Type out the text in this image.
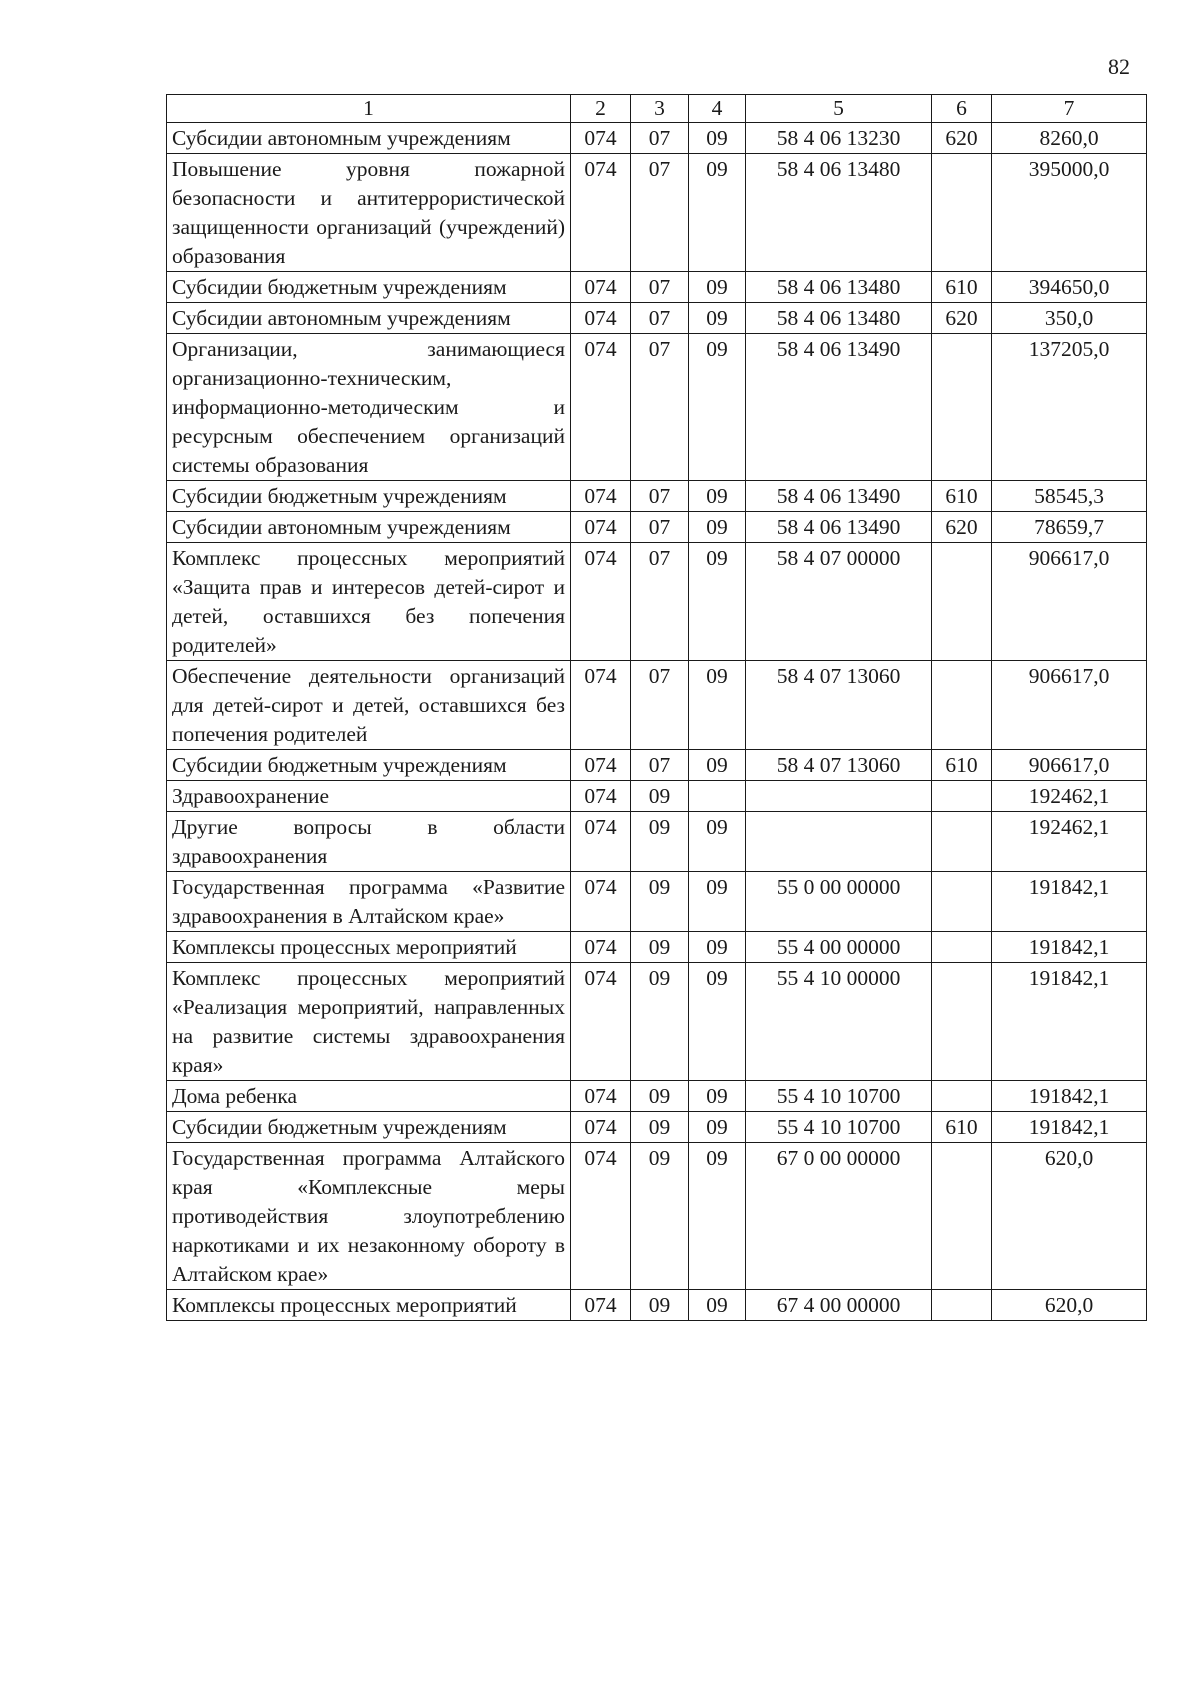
82
1	2	3	4	5	6	7
Субсидии автономным учреждениям	074	07	09	58 4 06 13230	620	8260,0
Повышение уровня пожарной безопасности и антитеррористической защищенности организаций (учреждений) образования	074	07	09	58 4 06 13480		395000,0
Субсидии бюджетным учреждениям	074	07	09	58 4 06 13480	610	394650,0
Субсидии автономным учреждениям	074	07	09	58 4 06 13480	620	350,0
Организации, занимающиеся организационно-техническим, информационно-методическим и ресурсным обеспечением организаций системы образования	074	07	09	58 4 06 13490		137205,0
Субсидии бюджетным учреждениям	074	07	09	58 4 06 13490	610	58545,3
Субсидии автономным учреждениям	074	07	09	58 4 06 13490	620	78659,7
Комплекс процессных мероприятий «Защита прав и интересов детей-сирот и детей, оставшихся без попечения родителей»	074	07	09	58 4 07 00000		906617,0
Обеспечение деятельности организаций для детей-сирот и детей, оставшихся без попечения родителей	074	07	09	58 4 07 13060		906617,0
Субсидии бюджетным учреждениям	074	07	09	58 4 07 13060	610	906617,0
Здравоохранение	074	09				192462,1
Другие вопросы в области здравоохранения	074	09	09			192462,1
Государственная программа «Развитие здравоохранения в Алтайском крае»	074	09	09	55 0 00 00000		191842,1
Комплексы процессных мероприятий	074	09	09	55 4 00 00000		191842,1
Комплекс процессных мероприятий «Реализация мероприятий, направленных на развитие системы здравоохранения края»	074	09	09	55 4 10 00000		191842,1
Дома ребенка	074	09	09	55 4 10 10700		191842,1
Субсидии бюджетным учреждениям	074	09	09	55 4 10 10700	610	191842,1
Государственная программа Алтайского края «Комплексные меры противодействия злоупотреблению наркотиками и их незаконному обороту в Алтайском крае»	074	09	09	67 0 00 00000		620,0
Комплексы процессных мероприятий	074	09	09	67 4 00 00000		620,0
